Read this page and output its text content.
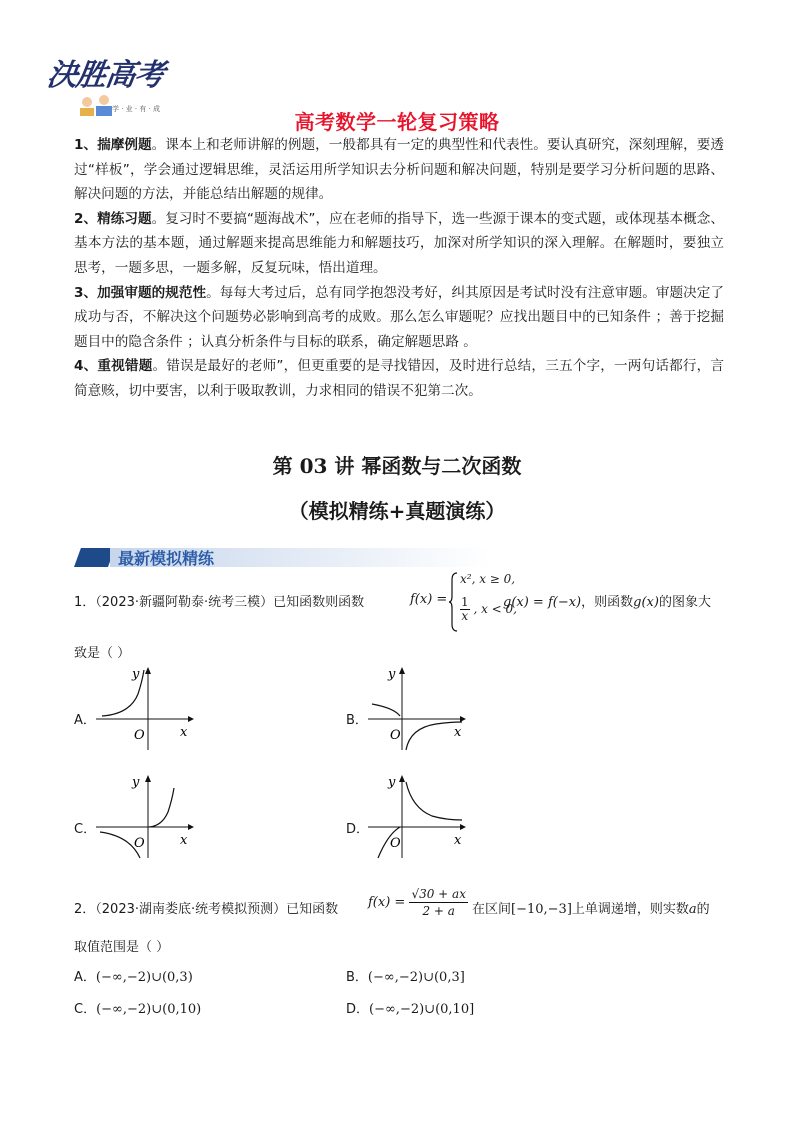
決胜高考
学 · 业 · 有 · 成
高考数学一轮复习策略

1、揣摩例题。课本上和老师讲解的例题，一般都具有一定的典型性和代表性。要认真研究，深刻理解，要透过“样板”，学会通过逻辑思维，灵活运用所学知识去分析问题和解决问题，特别是要学习分析问题的思路、解决问题的方法，并能总结出解题的规律。

2、精练习题。复习时不要搞“题海战术”，应在老师的指导下，选一些源于课本的变式题，或体现基本概念、基本方法的基本题，通过解题来提高思维能力和解题技巧，加深对所学知识的深入理解。在解题时，要独立思考，一题多思，一题多解，反复玩味，悟出道理。

3、加强审题的规范性。每每大考过后，总有同学抱怨没考好，纠其原因是考试时没有注意审题。审题决定了成功与否，不解决这个问题势必影响到高考的成败。那么怎么审题呢？应找出题目中的已知条件 ；善于挖掘题目中的隐含条件 ；认真分析条件与目标的联系，确定解题思路 。

4、重视错题。错误是最好的老师”，但更重要的是寻找错因，及时进行总结，三五个字，一两句话都行，言简意赅，切中要害，以利于吸取教训，力求相同的错误不犯第二次。

第 03 讲 幂函数与二次函数
（模拟精练+真题演练）
最新模拟精练
1．（2023·新疆阿勒泰·统考三模）已知函数则函数	f(x) =
x², x ≥ 0,
$\frac{1}{x}$ , x < 0,
g(x) = f(−x)，则函数g(x)的图象大
致是（ ）
A．
y
x
O
B．
y
x
O
C．
y
x
O
D．
y
x
O
2．（2023·湖南娄底·统考模拟预测）已知函数 $f(x) = \frac{√30 + ax}{2 + a}$ 在区间[−10,−3]上单调递增，则实数a的
取值范围是（ ）
A．(−∞,−2)∪(0,3)	B．(−∞,−2)∪(0,3]
C．(−∞,−2)∪(0,10)	D．(−∞,−2)∪(0,10]
